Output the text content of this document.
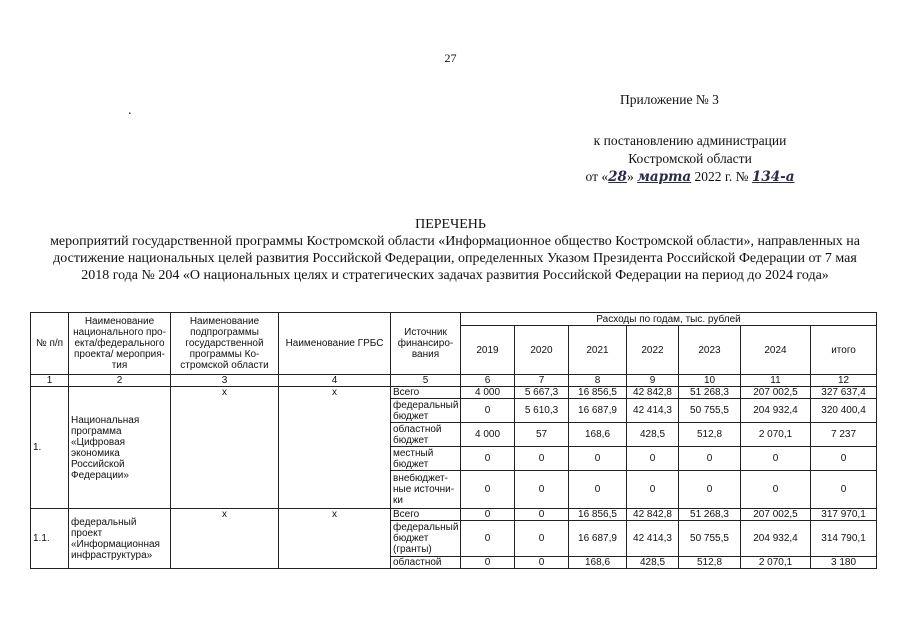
27
Приложение № 3
.
к постановлению администрации
Костромской области
от «28» марта 2022 г. № 134-а
ПЕРЕЧЕНЬ
мероприятий государственной программы Костромской области «Информационное общество Костромской области», направленных на достижение национальных целей развития Российской Федерации, определенных Указом Президента Российской Федерации от 7 мая 2018 года № 204 «О национальных целях и стратегических задачах развития Российской Федерации на период до 2024 года»
№ п/п	Наименование национального про-екта/федерального проекта/ мероприя-тия	Наименование подпрограммы государственной программы Ко-стромской области	Наименование ГРБС	Источник финансиро-вания	Расходы по годам, тыс. рублей						
					2019	2020	2021	2022	2023	2024	итого
1	2	3	4	5	6	7	8	9	10	11	12
1.	Национальная программа «Цифровая экономика Российской Федерации»	х	х	Всего	4 000	5 667,3	16 856,5	42 842,8	51 268,3	207 002,5	327 637,4
				федеральный бюджет	0	5 610,3	16 687,9	42 414,3	50 755,5	204 932,4	320 400,4
				областной бюджет	4 000	57	168,6	428,5	512,8	2 070,1	7 237
				местный бюджет	0	0	0	0	0	0	0
				внебюджет-ные источни-ки	0	0	0	0	0	0	0
1.1.	федеральный проект «Информационная инфраструктура»	х	х	Всего	0	0	16 856,5	42 842,8	51 268,3	207 002,5	317 970,1
				федеральный бюджет (гранты)	0	0	16 687,9	42 414,3	50 755,5	204 932,4	314 790,1
				областной	0	0	168,6	428,5	512,8	2 070,1	3 180
